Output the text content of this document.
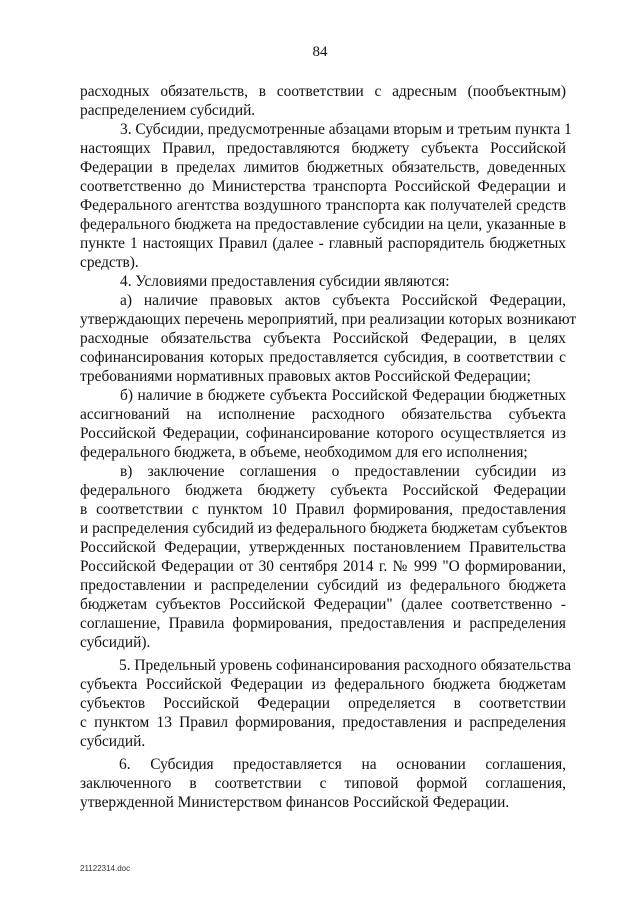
84
расходных обязательств, в соответствии с адресным (пообъектным)
распределением субсидий.
3. Субсидии, предусмотренные абзацами вторым и третьим пункта 1
настоящих Правил, предоставляются бюджету субъекта Российской
Федерации в пределах лимитов бюджетных обязательств, доведенных
соответственно до Министерства транспорта Российской Федерации и
Федерального агентства воздушного транспорта как получателей средств
федерального бюджета на предоставление субсидии на цели, указанные в
пункте 1 настоящих Правил (далее - главный распорядитель бюджетных
средств).
4. Условиями предоставления субсидии являются:
а) наличие правовых актов субъекта Российской Федерации,
утверждающих перечень мероприятий, при реализации которых возникают
расходные обязательства субъекта Российской Федерации, в целях
софинансирования которых предоставляется субсидия, в соответствии с
требованиями нормативных правовых актов Российской Федерации;
б) наличие в бюджете субъекта Российской Федерации бюджетных
ассигнований на исполнение расходного обязательства субъекта
Российской Федерации, софинансирование которого осуществляется из
федерального бюджета, в объеме, необходимом для его исполнения;
в) заключение соглашения о предоставлении субсидии из
федерального бюджета бюджету субъекта Российской Федерации
в соответствии с пунктом 10 Правил формирования, предоставления
и распределения субсидий из федерального бюджета бюджетам субъектов
Российской Федерации, утвержденных постановлением Правительства
Российской Федерации от 30 сентября 2014 г. № 999 "О формировании,
предоставлении и распределении субсидий из федерального бюджета
бюджетам субъектов Российской Федерации" (далее соответственно -
соглашение, Правила формирования, предоставления и распределения
субсидий).
5. Предельный уровень софинансирования расходного обязательства
субъекта Российской Федерации из федерального бюджета бюджетам
субъектов Российской Федерации определяется в соответствии
с пунктом 13 Правил формирования, предоставления и распределения
субсидий.
6. Субсидия предоставляется на основании соглашения,
заключенного в соответствии с типовой формой соглашения,
утвержденной Министерством финансов Российской Федерации.
21122314.doc
